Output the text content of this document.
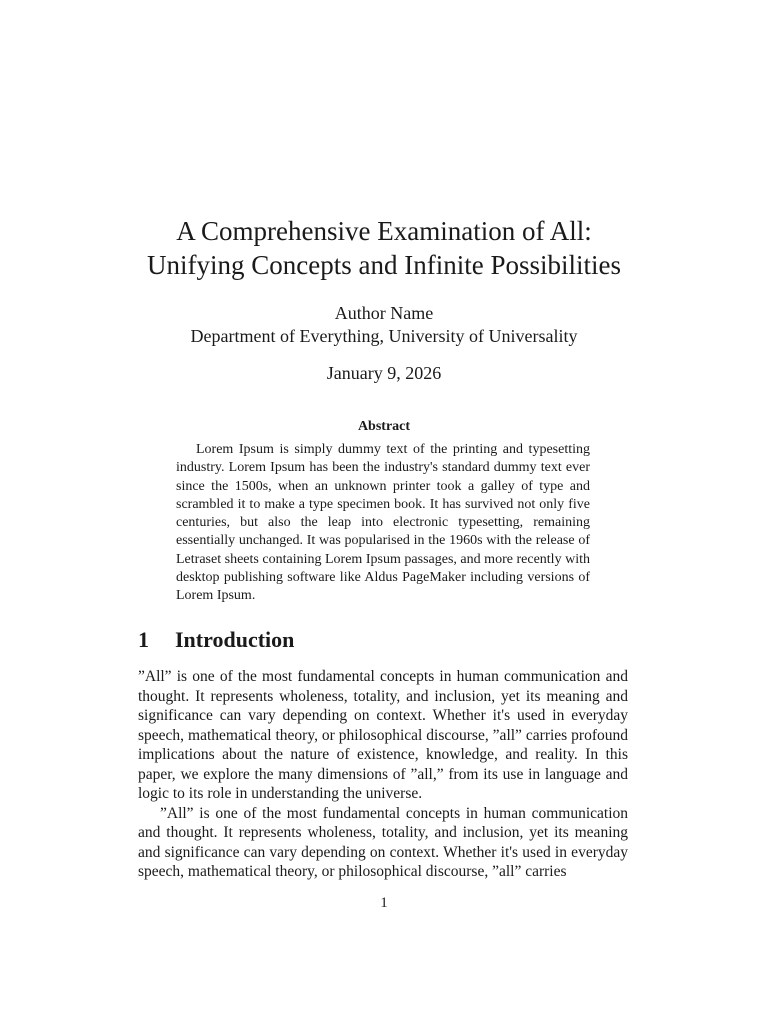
A Comprehensive Examination of All:
Unifying Concepts and Infinite Possibilities
Author Name
Department of Everything, University of Universality
January 9, 2026
Abstract

Lorem Ipsum is simply dummy text of the printing and typesetting industry. Lorem Ipsum has been the industry's standard dummy text ever since the 1500s, when an unknown printer took a galley of type and scrambled it to make a type specimen book. It has survived not only five centuries, but also the leap into electronic typesetting, remaining essentially unchanged. It was popularised in the 1960s with the release of Letraset sheets containing Lorem Ipsum passages, and more recently with desktop publishing software like Aldus PageMaker including versions of Lorem Ipsum.

1 Introduction

”All” is one of the most fundamental concepts in human communication and thought. It represents wholeness, totality, and inclusion, yet its meaning and significance can vary depending on context. Whether it's used in everyday speech, mathematical theory, or philosophical discourse, ”all” carries profound implications about the nature of existence, knowledge, and reality. In this paper, we explore the many dimensions of ”all,” from its use in language and logic to its role in understanding the universe.

”All” is one of the most fundamental concepts in human communication and thought. It represents wholeness, totality, and inclusion, yet its meaning and significance can vary depending on context. Whether it's used in everyday speech, mathematical theory, or philosophical discourse, ”all” carries

1
